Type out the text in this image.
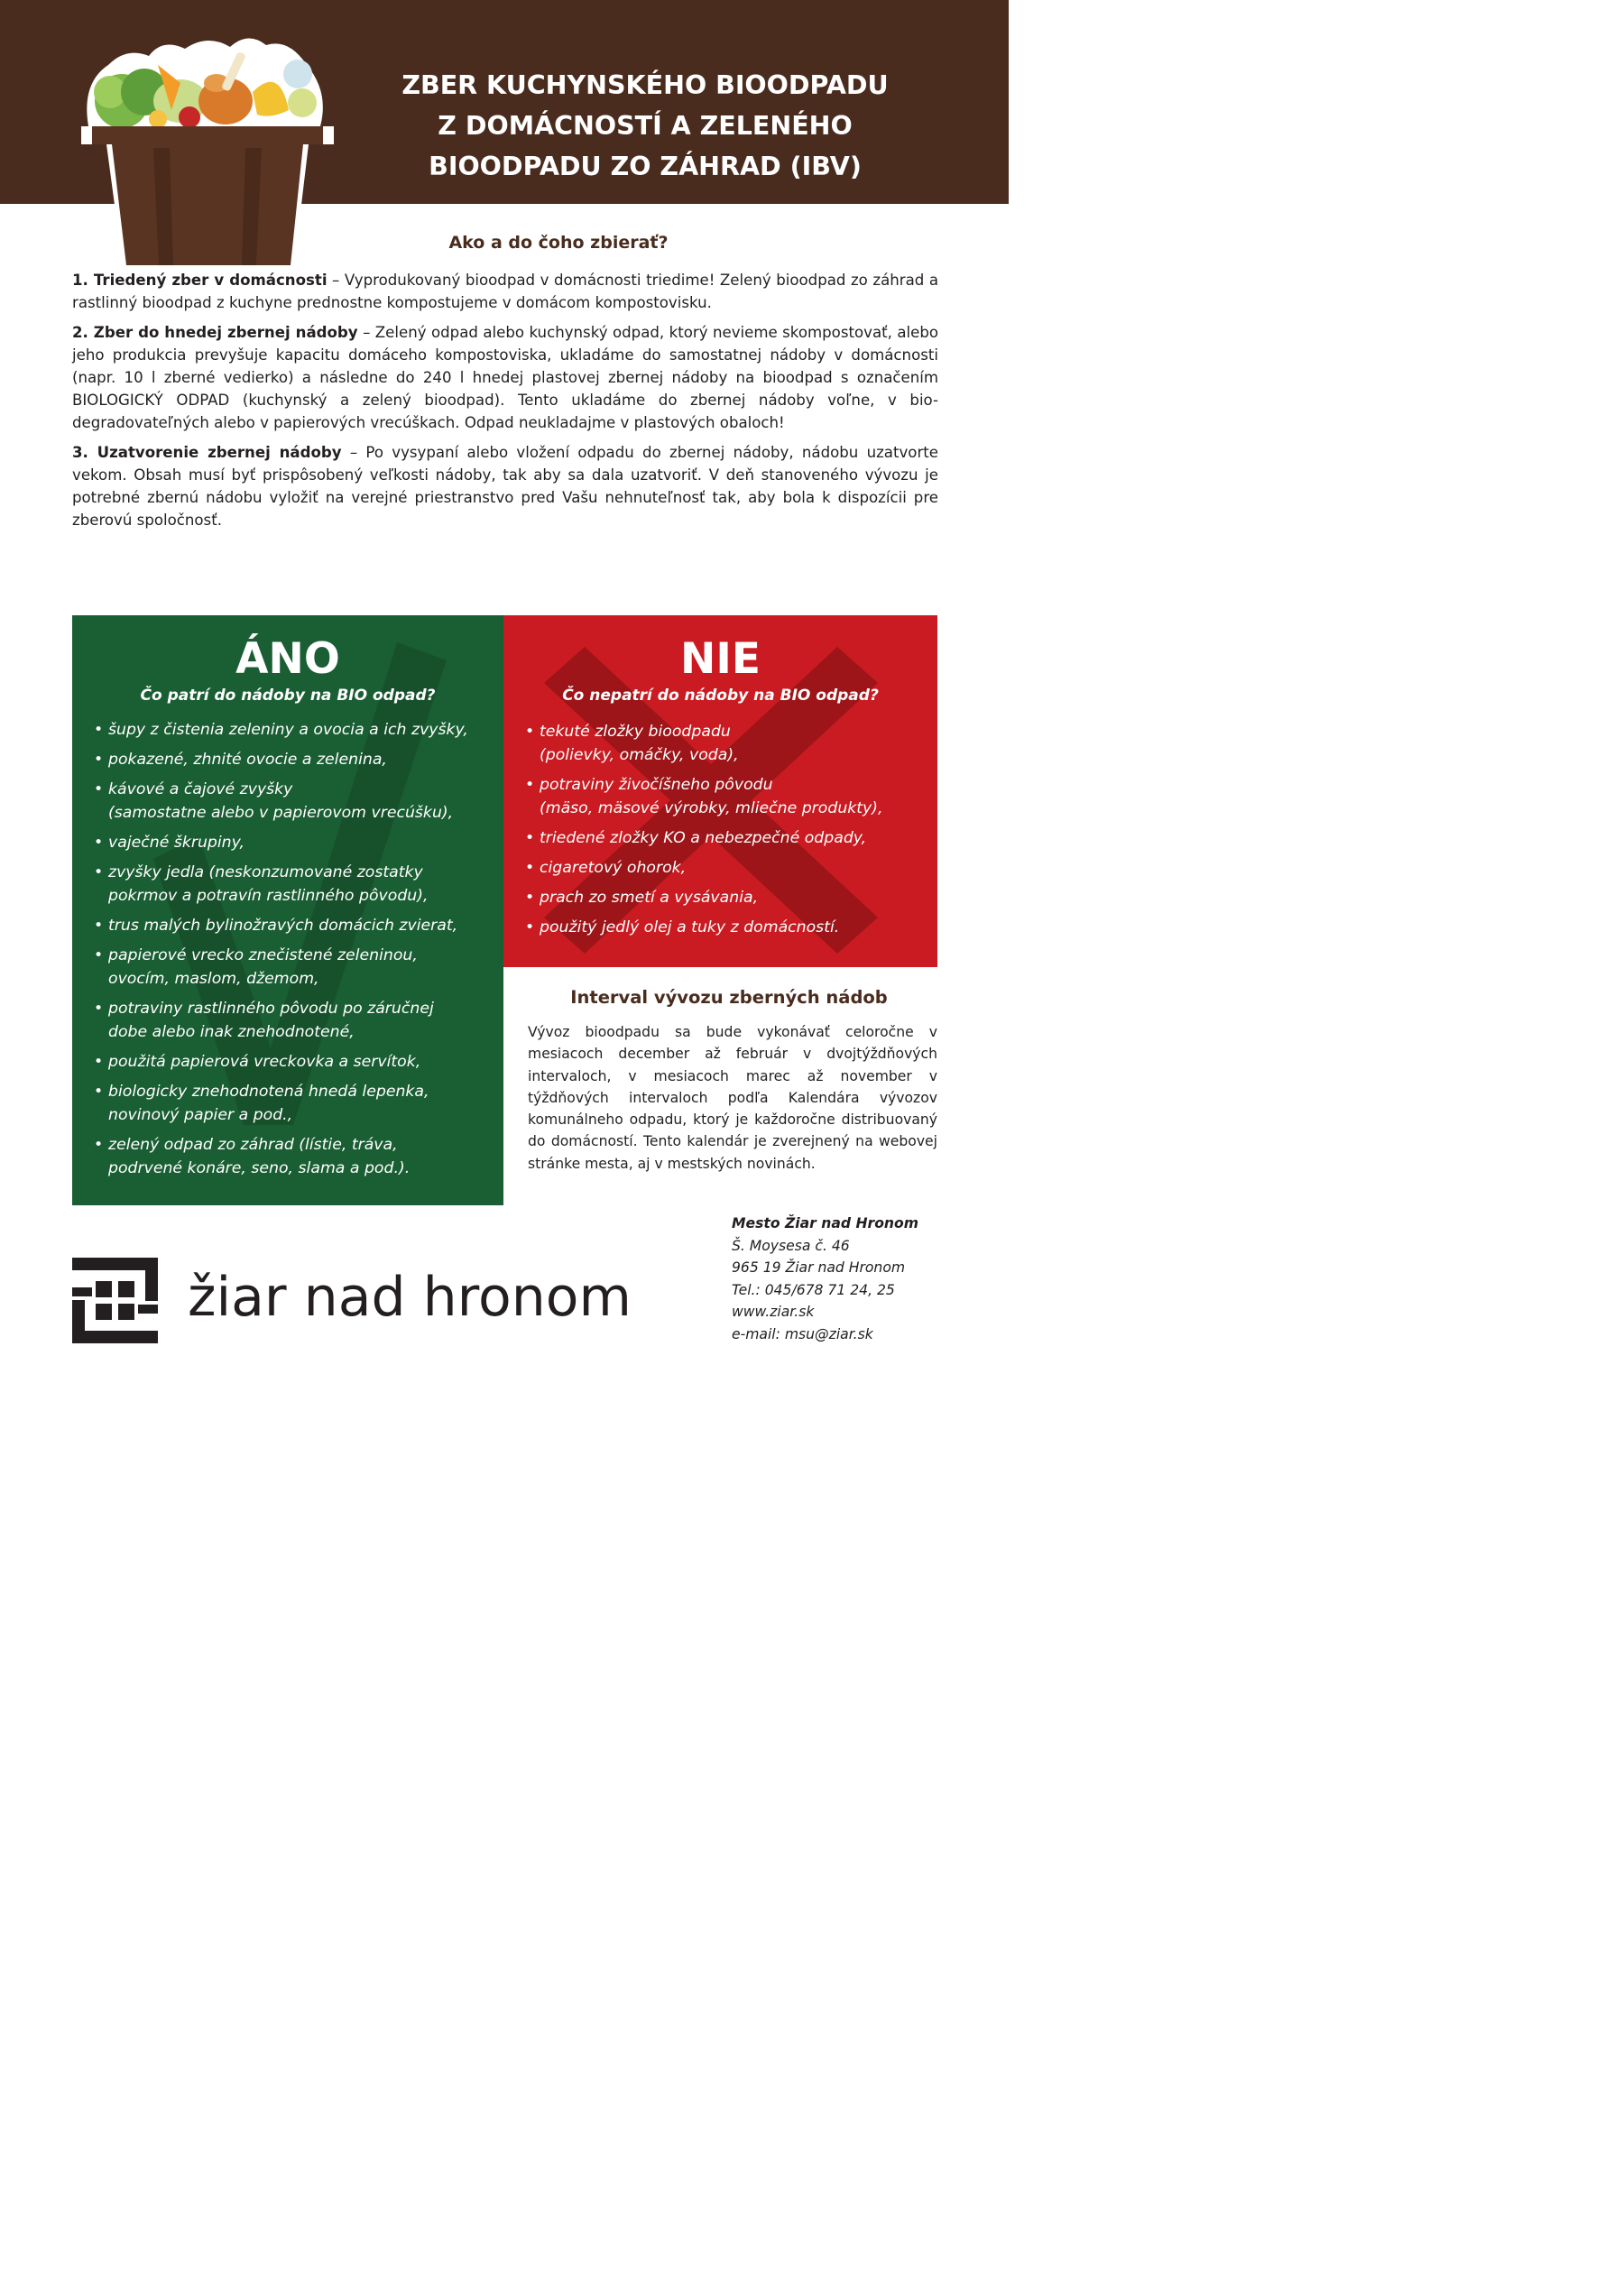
ZBER KUCHYNSKÉHO BIOODPADU
Z DOMÁCNOSTÍ A ZELENÉHO
BIOODPADU ZO ZÁHRAD (IBV)
Ako a do čoho zbierať?

1. Triedený zber v domácnosti – Vyprodukovaný bioodpad v domácnosti triedime! Zelený bioodpad zo záhrad a rastlinný bioodpad z kuchyne prednostne kompostujeme v domácom kompostovisku.

2. Zber do hnedej zbernej nádoby – Zelený odpad alebo kuchynský odpad, ktorý nevieme skompostovať, alebo jeho produkcia prevyšuje kapacitu domáceho kompostoviska, ukladáme do samostatnej nádoby v domácnosti (napr. 10 l zberné vedierko) a následne do 240 l hnedej plastovej zbernej nádoby na bioodpad s označením BIOLOGICKÝ ODPAD (kuchynský a zelený bioodpad). Tento ukladáme do zbernej nádoby voľne, v bio-degradovateľných alebo v papierových vrecúškach. Odpad neukladajme v plastových obaloch!

3. Uzatvorenie zbernej nádoby – Po vysypaní alebo vložení odpadu do zbernej nádoby, nádobu uzatvorte vekom. Obsah musí byť prispôsobený veľkosti nádoby, tak aby sa dala uzatvoriť. V deň stanoveného vývozu je potrebné zbernú nádobu vyložiť na verejné priestranstvo pred Vašu nehnuteľnosť tak, aby bola k dispozícii pre zberovú spoločnosť.

ÁNO
Čo patrí do nádoby na BIO odpad?
• šupy z čistenia zeleniny a ovocia a ich zvyšky,
• pokazené, zhnité ovocie a zelenina,
• kávové a čajové zvyšky
(samostatne alebo v papierovom vrecúšku),
• vaječné škrupiny,
• zvyšky jedla (neskonzumované zostatky
pokrmov a potravín rastlinného pôvodu),
• trus malých bylinožravých domácich zvierat,
• papierové vrecko znečistené zeleninou,
ovocím, maslom, džemom,
• potraviny rastlinného pôvodu po záručnej
dobe alebo inak znehodnotené,
• použitá papierová vreckovka a servítok,
• biologicky znehodnotená hnedá lepenka,
novinový papier a pod.,
• zelený odpad zo záhrad (lístie, tráva,
podrvené konáre, seno, slama a pod.).
NIE
Čo nepatrí do nádoby na BIO odpad?
• tekuté zložky bioodpadu
(polievky, omáčky, voda),
• potraviny živočíšneho pôvodu
(mäso, mäsové výrobky, mliečne produkty),
• triedené zložky KO a nebezpečné odpady,
• cigaretový ohorok,
• prach zo smetí a vysávania,
• použitý jedlý olej a tuky z domácností.
Interval vývozu zberných nádob
Vývoz bioodpadu sa bude vykonávať celoročne v mesiacoch december až február v dvojtýždňových intervaloch, v mesiacoch marec až november v týždňových intervaloch podľa Kalendára vývozov komunálneho odpadu, ktorý je každoročne distribuovaný do domácností. Tento kalendár je zverejnený na webovej stránke mesta, aj v mestských novinách.
Mesto Žiar nad Hronom
Š. Moysesa č. 46
965 19 Žiar nad Hronom
Tel.: 045/678 71 24, 25
www.ziar.sk
e-mail: msu@ziar.sk
žiar nad hronom
